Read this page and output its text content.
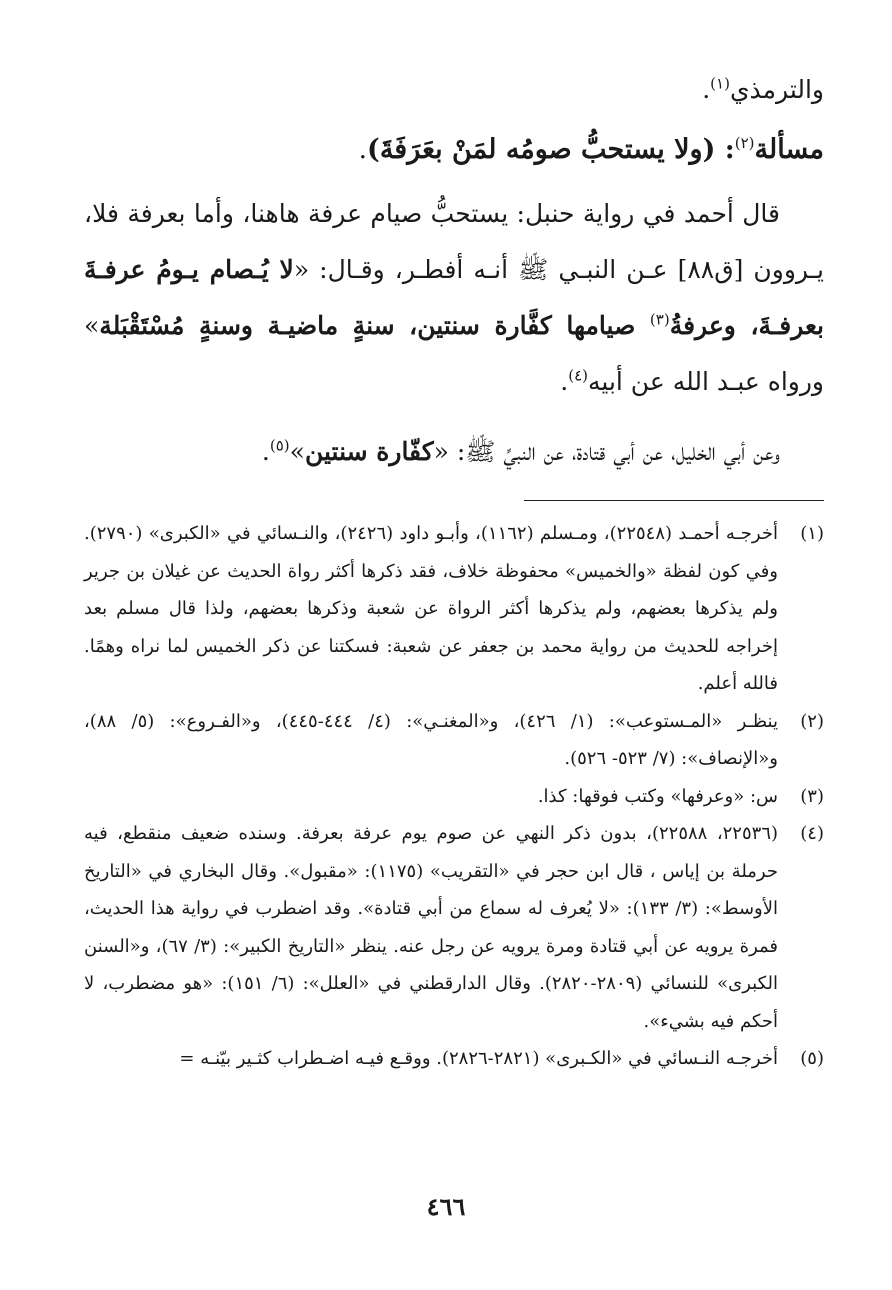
والترمذي$^{(١)}$.

مسألة$^{(٢)}$: (ولا يستحبُّ صومُه لمَنْ بعَرَفَةَ).

قال أحمد في رواية حنبل: يستحبُّ صيام عرفة هاهنا، وأما بعرفة فلا، يـروون [ق٨٨] عـن النبـي ﷺ أنـه أفطـر، وقـال: «لا يُـصام يـومُ عرفـةَ بعرفـةَ، وعرفةُ$^{(٣)}$ صيامها كفَّارة سنتين، سنةٍ ماضيـة وسنةٍ مُسْتَقْبَلة» ورواه عبـد الله عن أبيه$^{(٤)}$.

وعن أبي الخليل، عن أبي قتادة، عن النبيِّ ﷺ: «كفّارة سنتين»$^{(٥)}$.

(١)
أخرجـه أحمـد (٢٢٥٤٨)، ومـسلم (١١٦٢)، وأبـو داود (٢٤٢٦)، والنـسائي في «الكبرى» (٢٧٩٠). وفي كون لفظة «والخميس» محفوظة خلاف، فقد ذكرها أكثر رواة الحديث عن غيلان بن جرير ولم يذكرها بعضهم، ولم يذكرها أكثر الرواة عن شعبة وذكرها بعضهم، ولذا قال مسلم بعد إخراجه للحديث من رواية محمد بن جعفر عن شعبة: فسكتنا عن ذكر الخميس لما نراه وهمًا. فالله أعلم.
(٢)
ينظـر «المـستوعب»: (١/ ٤٢٦)، و«المغنـي»: (٤/ ٤٤٤-٤٤٥)، و«الفـروع»: (٥/ ٨٨)، و«الإنصاف»: (٧/ ٥٢٣- ٥٢٦).
(٣)
س: «وعرفها» وكتب فوقها: كذا.
(٤)
(٢٢٥٣٦، ٢٢٥٨٨)، بدون ذكر النهي عن صوم يوم عرفة بعرفة. وسنده ضعيف منقطع، فيه حرملة بن إياس ، قال ابن حجر في «التقريب» (١١٧٥): «مقبول». وقال البخاري في «التاريخ الأوسط»: (٣/ ١٣٣): «لا يُعرف له سماع من أبي قتادة». وقد اضطرب في رواية هذا الحديث، فمرة يرويه عن أبي قتادة ومرة يرويه عن رجل عنه. ينظر «التاريخ الكبير»: (٣/ ٦٧)، و«السنن الكبرى» للنسائي (٢٨٠٩-٢٨٢٠). وقال الدارقطني في «العلل»: (٦/ ١٥١): «هو مضطرب، لا أحكم فيه بشيء».
(٥)
أخرجـه النـسائي في «الكـبرى» (٢٨٢١-٢٨٢٦). ووقـع فيـه اضـطراب كثـير بيّنـه =
٤٦٦
